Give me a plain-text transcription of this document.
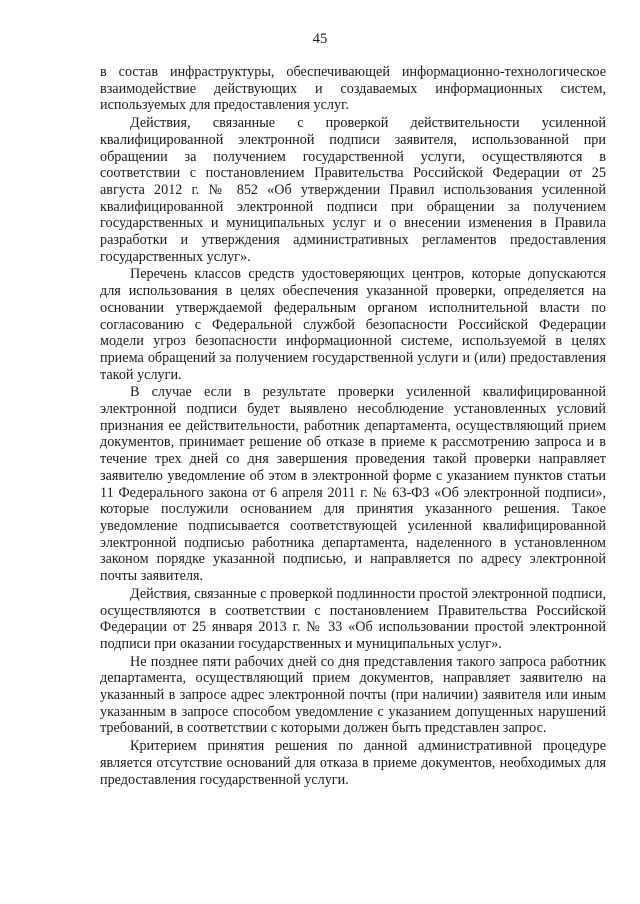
45

в состав инфраструктуры, обеспечивающей информационно-технологическое взаимодействие действующих и создаваемых информационных систем, используемых для предоставления услуг.

Действия, связанные с проверкой действительности усиленной квалифицированной электронной подписи заявителя, использованной при обращении за получением государственной услуги, осуществляются в соответствии с постановлением Правительства Российской Федерации от 25 августа 2012 г. № 852 «Об утверждении Правил использования усиленной квалифицированной электронной подписи при обращении за получением государственных и муниципальных услуг и о внесении изменения в Правила разработки и утверждения административных регламентов предоставления государственных услуг».

Перечень классов средств удостоверяющих центров, которые допускаются для использования в целях обеспечения указанной проверки, определяется на основании утверждаемой федеральным органом исполнительной власти по согласованию с Федеральной службой безопасности Российской Федерации модели угроз безопасности информационной системе, используемой в целях приема обращений за получением государственной услуги и (или) предоставления такой услуги.

В случае если в результате проверки усиленной квалифицированной электронной подписи будет выявлено несоблюдение установленных условий признания ее действительности, работник департамента, осуществляющий прием документов, принимает решение об отказе в приеме к рассмотрению запроса и в течение трех дней со дня завершения проведения такой проверки направляет заявителю уведомление об этом в электронной форме с указанием пунктов статьи 11 Федерального закона от 6 апреля 2011 г. № 63-ФЗ «Об электронной подписи», которые послужили основанием для принятия указанного решения. Такое уведомление подписывается соответствующей усиленной квалифицированной электронной подписью работника департамента, наделенного в установленном законом порядке указанной подписью, и направляется по адресу электронной почты заявителя.

Действия, связанные с проверкой подлинности простой электронной подписи, осуществляются в соответствии с постановлением Правительства Российской Федерации от 25 января 2013 г. № 33 «Об использовании простой электронной подписи при оказании государственных и муниципальных услуг».

Не позднее пяти рабочих дней со дня представления такого запроса работник департамента, осуществляющий прием документов, направляет заявителю на указанный в запросе адрес электронной почты (при наличии) заявителя или иным указанным в запросе способом уведомление с указанием допущенных нарушений требований, в соответствии с которыми должен быть представлен запрос.

Критерием принятия решения по данной административной процедуре является отсутствие оснований для отказа в приеме документов, необходимых для предоставления государственной услуги.
